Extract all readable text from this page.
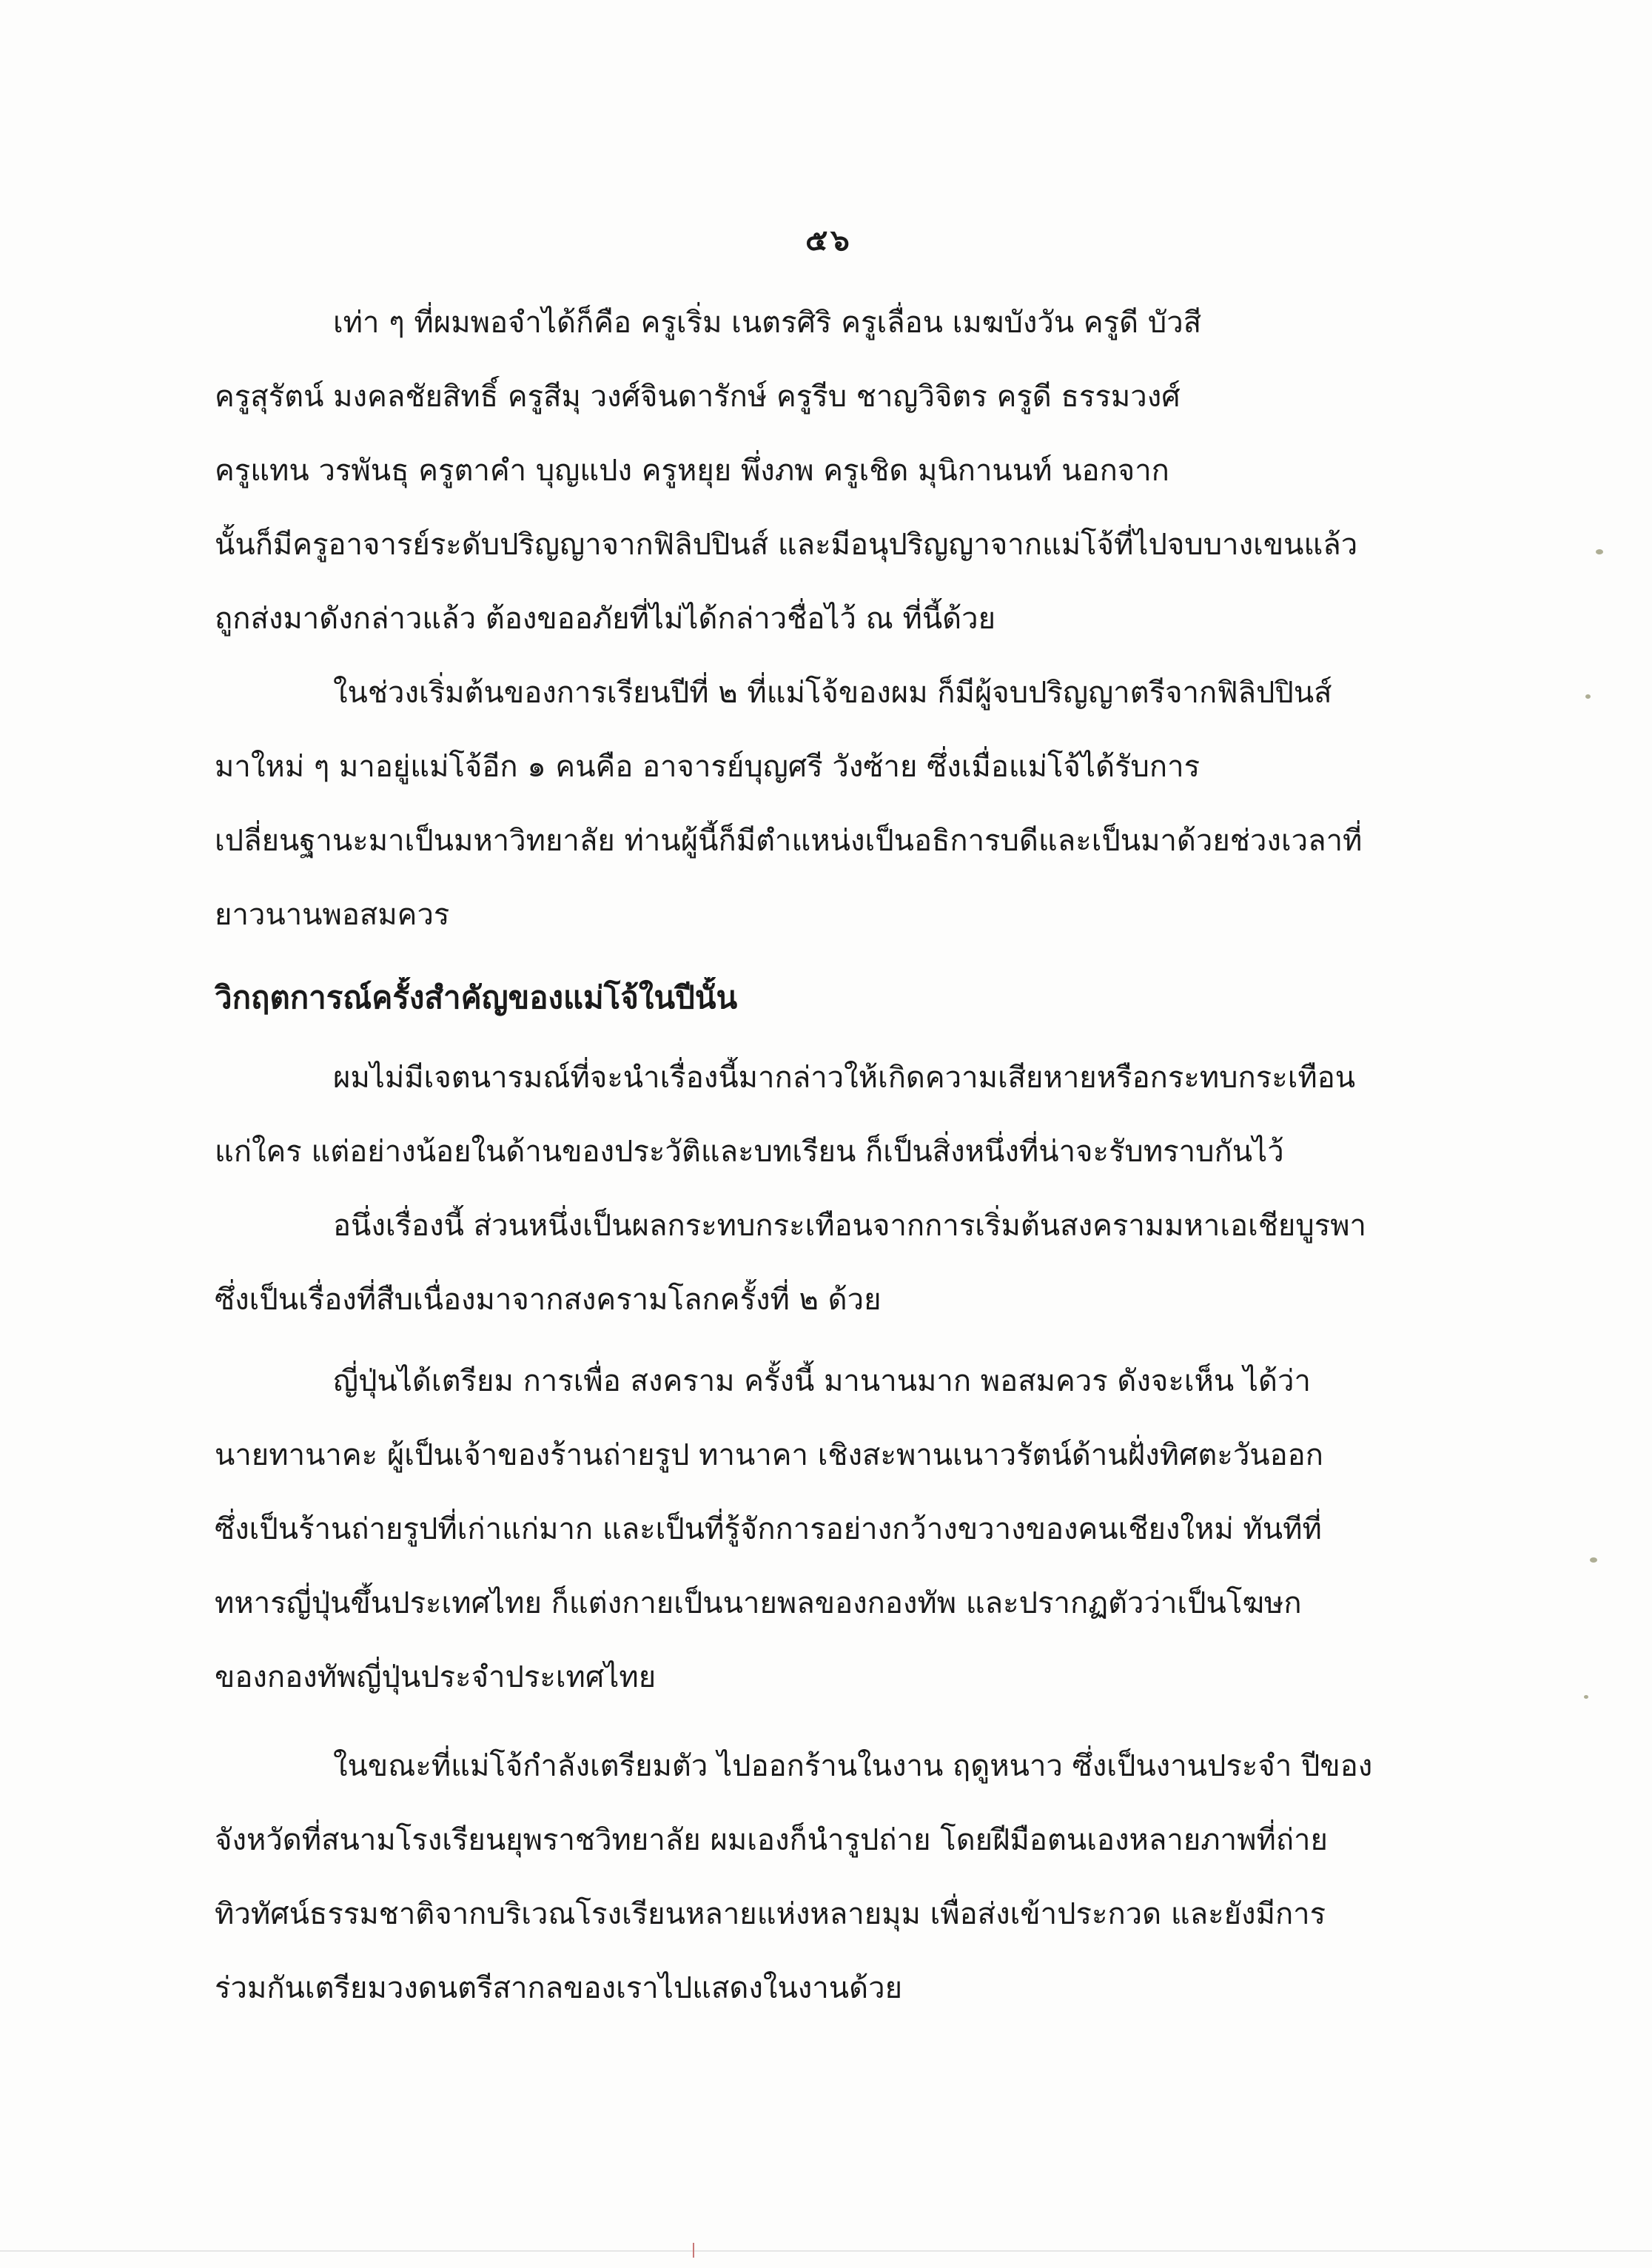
๕๖
เท่า ๆ ที่ผมพอจำได้ก็คือ ครูเริ่ม เนตรศิริ ครูเลื่อน เมฆบังวัน ครูดี บัวสี
ครูสุรัตน์ มงคลชัยสิทธิ์ ครูสีมุ วงศ์จินดารักษ์ ครูรีบ ชาญวิจิตร ครูดี ธรรมวงศ์
ครูแทน วรพันธุ ครูตาคำ บุญแปง ครูหยุย พึ่งภพ ครูเชิด มุนิกานนท์ นอกจาก
นั้นก็มีครูอาจารย์ระดับปริญญาจากฟิลิปปินส์ และมีอนุปริญญาจากแม่โจ้ที่ไปจบบางเขนแล้ว
ถูกส่งมาดังกล่าวแล้ว ต้องขออภัยที่ไม่ได้กล่าวชื่อไว้ ณ ที่นี้ด้วย
ในช่วงเริ่มต้นของการเรียนปีที่ ๒ ที่แม่โจ้ของผม ก็มีผู้จบปริญญาตรีจากฟิลิปปินส์
มาใหม่ ๆ มาอยู่แม่โจ้อีก ๑ คนคือ อาจารย์บุญศรี วังซ้าย ซึ่งเมื่อแม่โจ้ได้รับการ
เปลี่ยนฐานะมาเป็นมหาวิทยาลัย ท่านผู้นี้ก็มีตำแหน่งเป็นอธิการบดีและเป็นมาด้วยช่วงเวลาที่
ยาวนานพอสมควร
วิกฤตการณ์ครั้งสำคัญของแม่โจ้ในปีนั้น
ผมไม่มีเจตนารมณ์ที่จะนำเรื่องนี้มากล่าวให้เกิดความเสียหายหรือกระทบกระเทือน
แก่ใคร แต่อย่างน้อยในด้านของประวัติและบทเรียน ก็เป็นสิ่งหนึ่งที่น่าจะรับทราบกันไว้
อนึ่งเรื่องนี้ ส่วนหนึ่งเป็นผลกระทบกระเทือนจากการเริ่มต้นสงครามมหาเอเชียบูรพา
ซึ่งเป็นเรื่องที่สืบเนื่องมาจากสงครามโลกครั้งที่ ๒ ด้วย
ญี่ปุ่นได้เตรียม การเพื่อ สงคราม ครั้งนี้ มานานมาก พอสมควร ดังจะเห็น ได้ว่า
นายทานาคะ ผู้เป็นเจ้าของร้านถ่ายรูป ทานาคา เชิงสะพานเนาวรัตน์ด้านฝั่งทิศตะวันออก
ซึ่งเป็นร้านถ่ายรูปที่เก่าแก่มาก และเป็นที่รู้จักการอย่างกว้างขวางของคนเชียงใหม่ ทันทีที่
ทหารญี่ปุ่นขึ้นประเทศไทย ก็แต่งกายเป็นนายพลของกองทัพ และปรากฏตัวว่าเป็นโฆษก
ของกองทัพญี่ปุ่นประจำประเทศไทย
ในขณะที่แม่โจ้กำลังเตรียมตัว ไปออกร้านในงาน ฤดูหนาว ซึ่งเป็นงานประจำ ปีของ
จังหวัดที่สนามโรงเรียนยุพราชวิทยาลัย ผมเองก็นำรูปถ่าย โดยฝีมือตนเองหลายภาพที่ถ่าย
ทิวทัศน์ธรรมชาติจากบริเวณโรงเรียนหลายแห่งหลายมุม เพื่อส่งเข้าประกวด และยังมีการ
ร่วมกันเตรียมวงดนตรีสากลของเราไปแสดงในงานด้วย
